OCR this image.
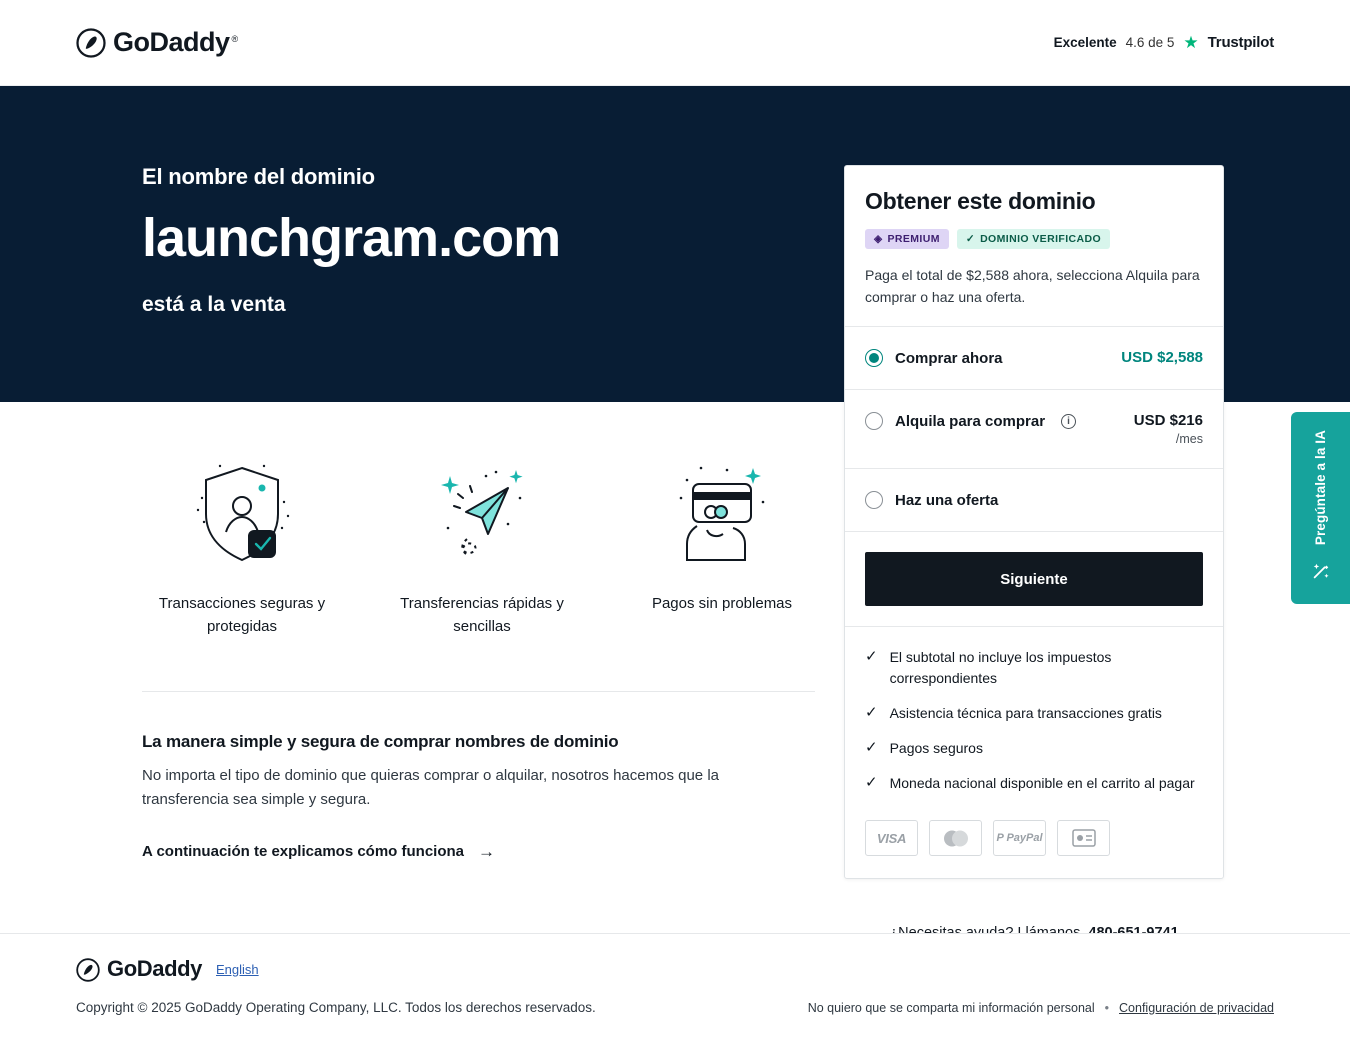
GoDaddy ®	Excelente 4.6 de 5 ★ Trustpilot
El nombre del dominio
launchgram.com
está a la venta
Transacciones seguras y protegidas
Transferencias rápidas y sencillas
Pagos sin problemas
La manera simple y segura de comprar nombres de dominio

No importa el tipo de dominio que quieras comprar o alquilar, nosotros hacemos que la transferencia sea simple y segura.

A continuación te explicamos cómo funciona →
Obtener este dominio
◈ PREMIUM ✓ DOMINIO VERIFICADO
Paga el total de $2,588 ahora, selecciona Alquila para comprar o haz una oferta.
Comprar ahora	USD $2,588
Alquila para comprar	i	USD $216
/mes
Haz una oferta
Siguiente
✓ El subtotal no incluye los impuestos correspondientes
✓ Asistencia técnica para transacciones gratis
✓ Pagos seguros
✓ Moneda nacional disponible en el carrito al pagar
VISA	P PayPal
Pregúntale a la IA
GoDaddy English
Copyright © 2025 GoDaddy Operating Company, LLC. Todos los derechos reservados.	No quiero que se comparta mi información personal • Configuración de privacidad
